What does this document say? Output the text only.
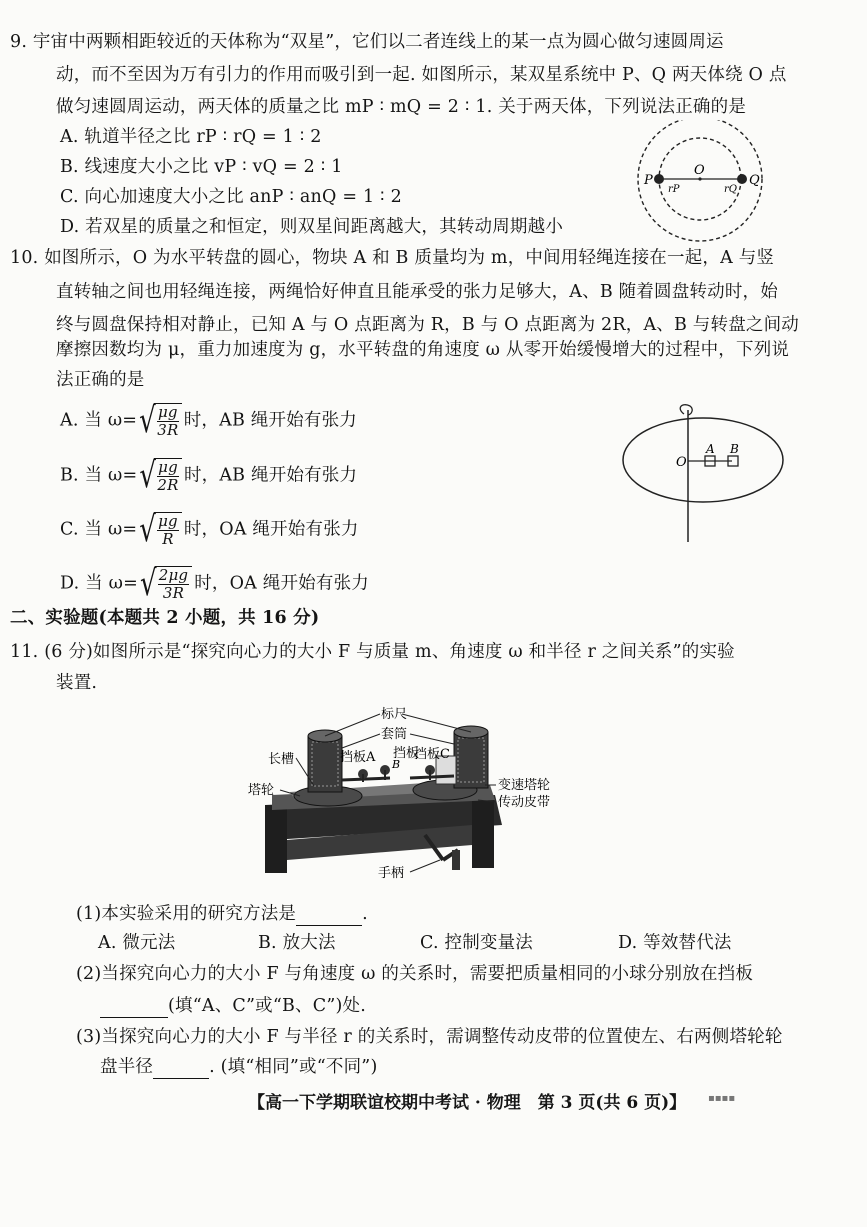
9. 宇宙中两颗相距较近的天体称为“双星”，它们以二者连线上的某一点为圆心做匀速圆周运
动，而不至因为万有引力的作用而吸引到一起. 如图所示，某双星系统中 P、Q 两天体绕 O 点
做匀速圆周运动，两天体的质量之比 mP ∶ mQ = 2 ∶ 1. 关于两天体，下列说法正确的是
A. 轨道半径之比 rP ∶ rQ = 1 ∶ 2
B. 线速度大小之比 vP ∶ vQ = 2 ∶ 1
C. 向心加速度大小之比 anP ∶ anQ = 1 ∶ 2
D. 若双星的质量之和恒定，则双星间距离越大，其转动周期越小
P	Q
O
rP	rQ
10. 如图所示，O 为水平转盘的圆心，物块 A 和 B 质量均为 m，中间用轻绳连接在一起，A 与竖
直转轴之间也用轻绳连接，两绳恰好伸直且能承受的张力足够大，A、B 随着圆盘转动时，始
终与圆盘保持相对静止，已知 A 与 O 点距离为 R，B 与 O 点距离为 2R，A、B 与转盘之间动
摩擦因数均为 μ，重力加速度为 g，水平转盘的角速度 ω 从零开始缓慢增大的过程中，下列说
法正确的是
A. 当 ω= √
$\frac{\mu g}{3R}$ 时，AB 绳开始有张力
B. 当 ω= √
$\frac{\mu g}{2R}$ 时，AB 绳开始有张力
C. 当 ω= √
$\frac{\mu g}{R}$ 时，OA 绳开始有张力
D. 当 ω= √
$\frac{2\mu g}{3R}$ 时，OA 绳开始有张力
O
A B
二、实验题(本题共 2 小题，共 16 分)
11. (6 分)如图所示是“探究向心力的大小 F 与质量 m、角速度 ω 和半径 r 之间关系”的实验
装置.
标尺
套筒
挡板A 挡板
B
挡板C
长槽
塔轮	变速塔轮
传动皮带
手柄
(1)本实验采用的研究方法是	.
A. 微元法	B. 放大法	C. 控制变量法	D. 等效替代法
(2)当探究向心力的大小 F 与角速度 ω 的关系时，需要把质量相同的小球分别放在挡板
(填“A、C”或“B、C”)处.
(3)当探究向心力的大小 F 与半径 r 的关系时，需调整传动皮带的位置使左、右两侧塔轮轮
盘半径	. (填“相同”或“不同”)
【高一下学期联谊校期中考试 · 物理　第 3 页(共 6 页)】 ▪▪▪▪
